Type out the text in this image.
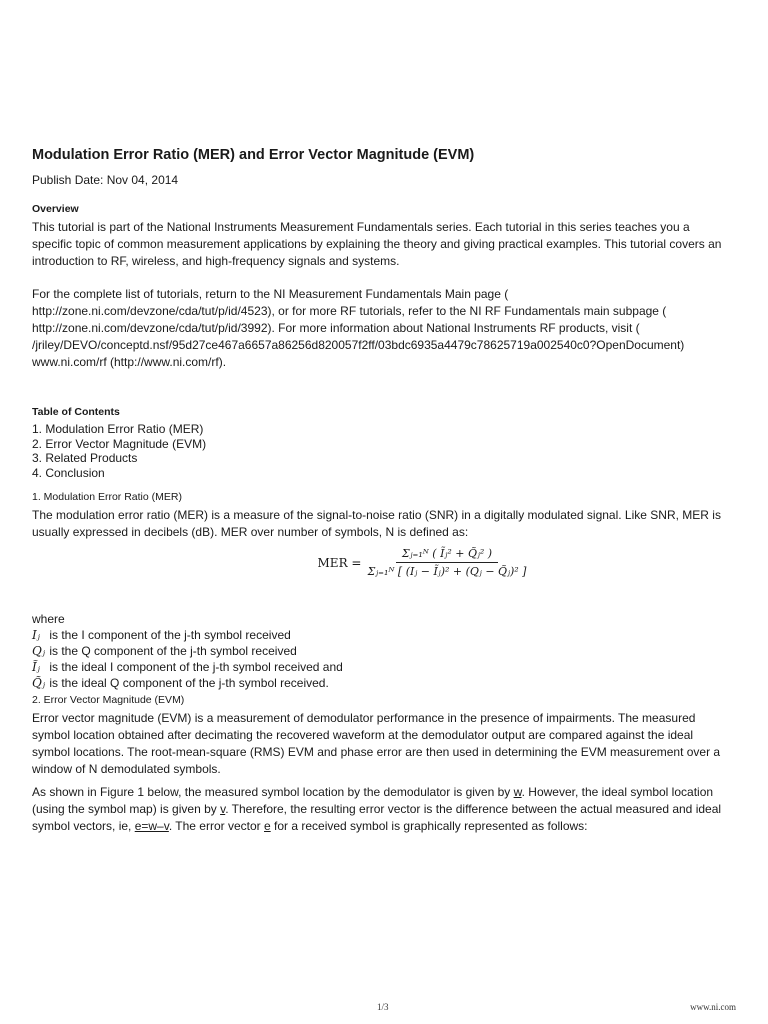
Modulation Error Ratio (MER) and Error Vector Magnitude (EVM)
Publish Date: Nov 04, 2014
Overview

This tutorial is part of the National Instruments Measurement Fundamentals series. Each tutorial in this series teaches you a specific topic of common measurement applications by explaining the theory and giving practical examples. This tutorial covers an introduction to RF, wireless, and high-frequency signals and systems.

For the complete list of tutorials, return to the NI Measurement Fundamentals Main page ( http://zone.ni.com/devzone/cda/tut/p/id/4523), or for more RF tutorials, refer to the NI RF Fundamentals main subpage ( http://zone.ni.com/devzone/cda/tut/p/id/3992). For more information about National Instruments RF products, visit ( /jriley/DEVO/conceptd.nsf/95d27ce467a6657a86256d820057f2ff/03bdc6935a4479c78625719a002540c0?OpenDocument) www.ni.com/rf (http://www.ni.com/rf).

Table of Contents
1. Modulation Error Ratio (MER)
2. Error Vector Magnitude (EVM)
3. Related Products
4. Conclusion
1. Modulation Error Ratio (MER)

The modulation error ratio (MER) is a measure of the signal-to-noise ratio (SNR) in a digitally modulated signal. Like SNR, MER is usually expressed in decibels (dB). MER over number of symbols, N is defined as:

MER = $\frac{\text{Σⱼ₌₁ᴺ ( Ĩⱼ² + Q̃ⱼ² )}}{\text{Σⱼ₌₁ᴺ [ (Iⱼ − Ĩⱼ)² + (Qⱼ − Q̃ⱼ)² ]}}$
where
Iⱼ is the I component of the j-th symbol received
Qⱼ is the Q component of the j-th symbol received
Ĩⱼ is the ideal I component of the j-th symbol received and
Q̃ⱼ is the ideal Q component of the j-th symbol received.
2. Error Vector Magnitude (EVM)

Error vector magnitude (EVM) is a measurement of demodulator performance in the presence of impairments. The measured symbol location obtained after decimating the recovered waveform at the demodulator output are compared against the ideal symbol locations. The root-mean-square (RMS) EVM and phase error are then used in determining the EVM measurement over a window of N demodulated symbols.

As shown in Figure 1 below, the measured symbol location by the demodulator is given by w. However, the ideal symbol location (using the symbol map) is given by v. Therefore, the resulting error vector is the difference between the actual measured and ideal symbol vectors, ie, e=w–v. The error vector e for a received symbol is graphically represented as follows:

1/3	www.ni.com
